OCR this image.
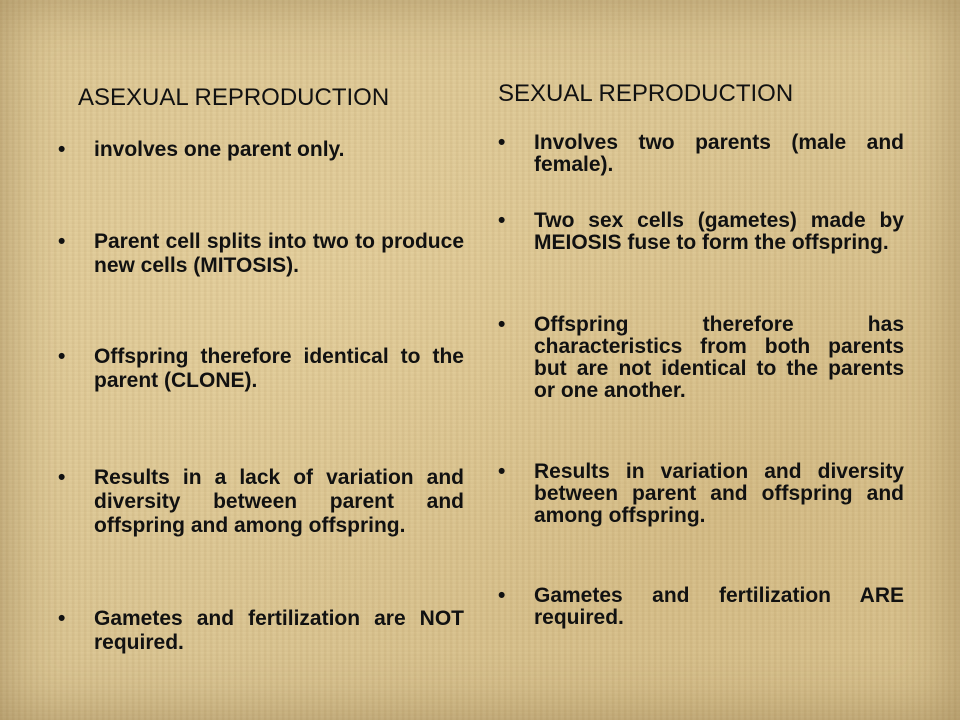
ASEXUAL REPRODUCTION
• involves one parent only.
• Parent cell splits into two to produce new cells (MITOSIS).
• Offspring therefore identical to the parent (CLONE).
• Results in a lack of variation and diversity between parent and offspring and among offspring.
• Gametes and fertilization are NOT required.
SEXUAL REPRODUCTION
• Involves two parents (male and female).
• Two sex cells (gametes) made by MEIOSIS fuse to form the offspring.
• Offspring therefore has characteristics from both parents but are not identical to the parents or one another.
• Results in variation and diversity between parent and offspring and among offspring.
• Gametes and fertilization ARE required.
